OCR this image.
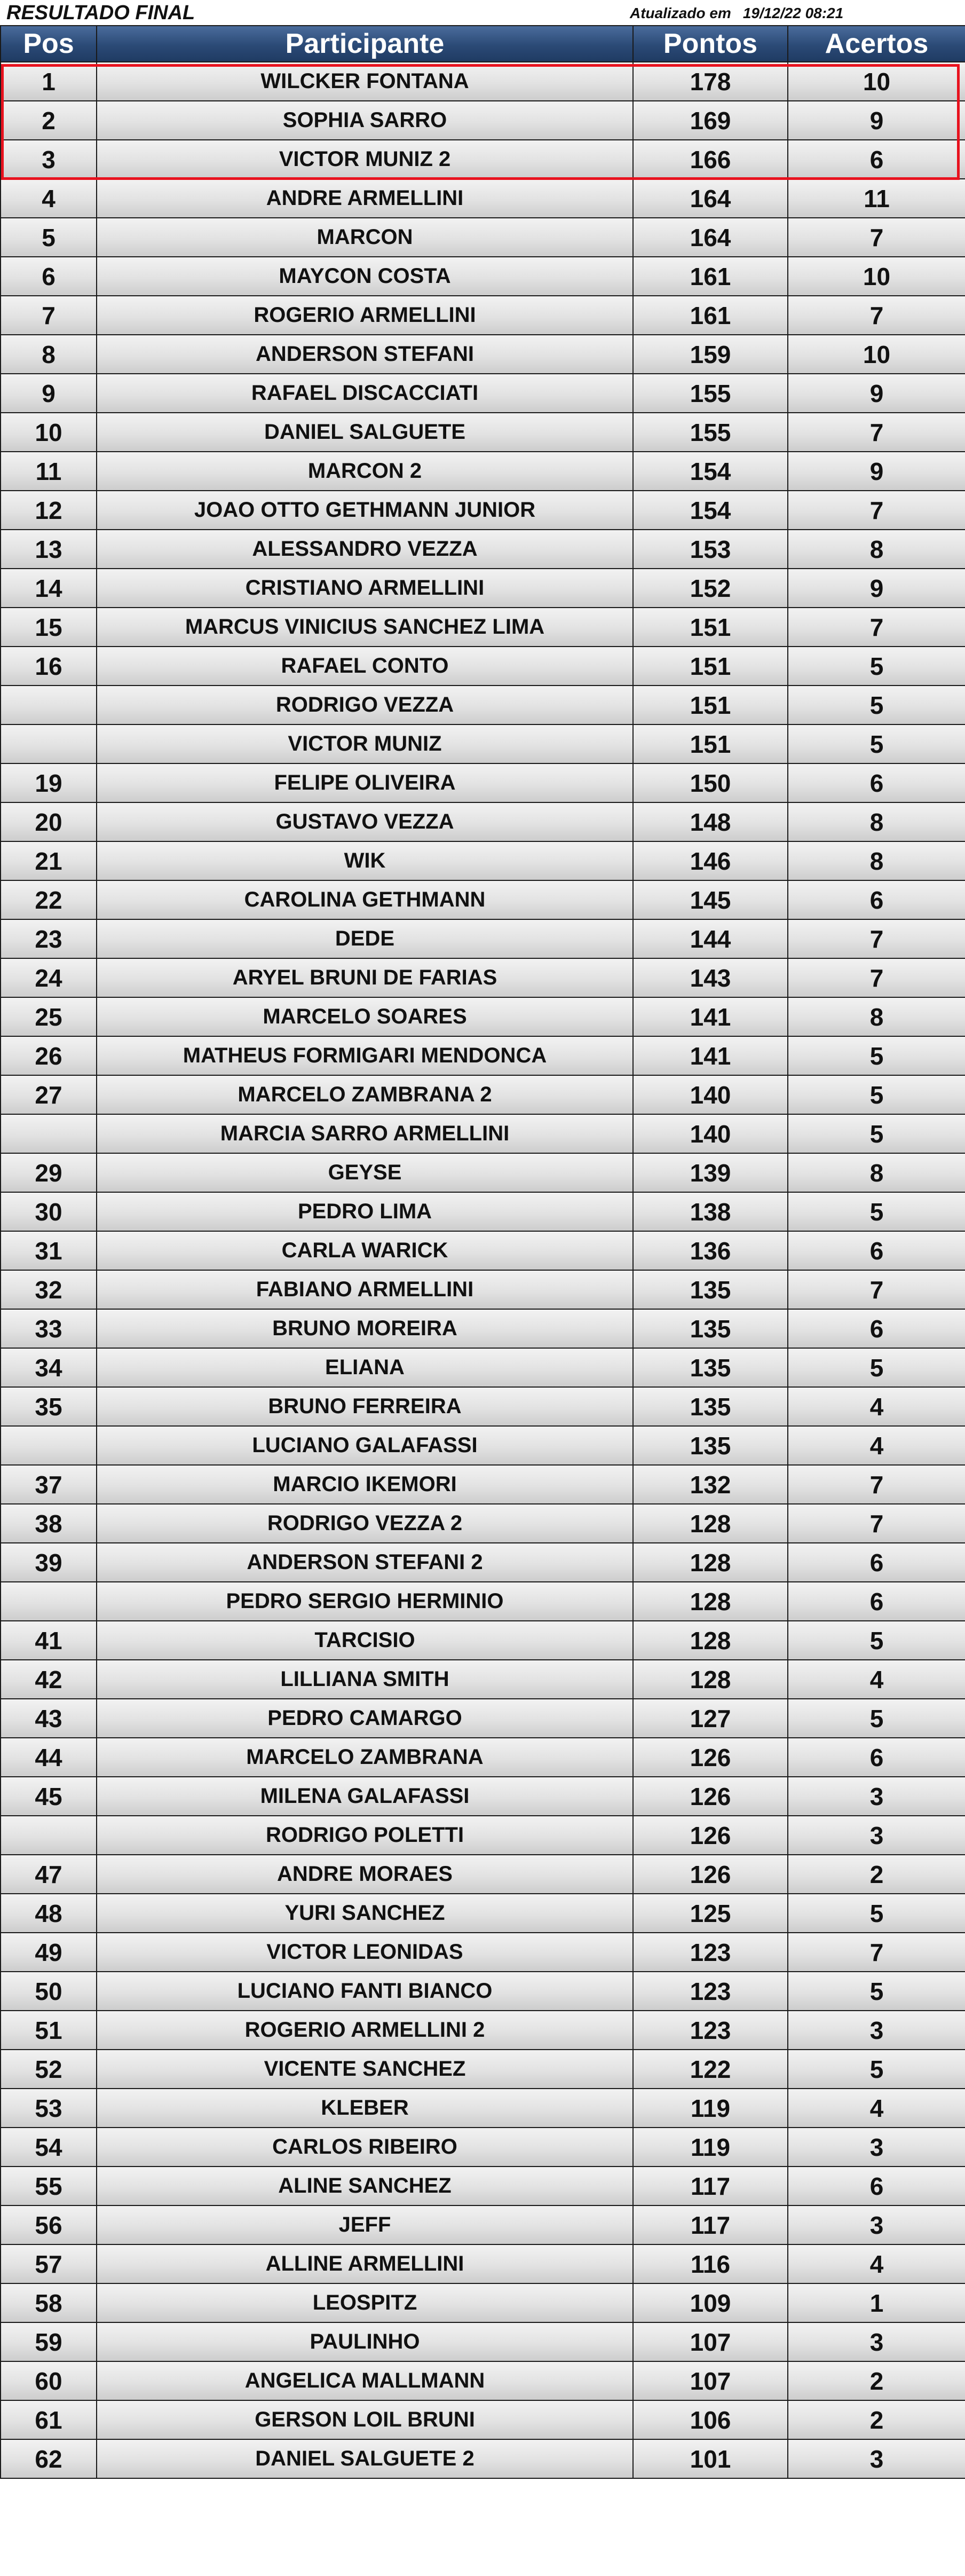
RESULTADO FINAL	Atualizado em 19/12/22 08:21
Pos	Participante	Pontos	Acertos
1	WILCKER FONTANA	178	10
2	SOPHIA SARRO	169	9
3	VICTOR MUNIZ 2	166	6
4	ANDRE ARMELLINI	164	11
5	MARCON	164	7
6	MAYCON COSTA	161	10
7	ROGERIO ARMELLINI	161	7
8	ANDERSON STEFANI	159	10
9	RAFAEL DISCACCIATI	155	9
10	DANIEL SALGUETE	155	7
11	MARCON 2	154	9
12	JOAO OTTO GETHMANN JUNIOR	154	7
13	ALESSANDRO VEZZA	153	8
14	CRISTIANO ARMELLINI	152	9
15	MARCUS VINICIUS SANCHEZ LIMA	151	7
16	RAFAEL CONTO	151	5
	RODRIGO VEZZA	151	5
	VICTOR MUNIZ	151	5
19	FELIPE OLIVEIRA	150	6
20	GUSTAVO VEZZA	148	8
21	WIK	146	8
22	CAROLINA GETHMANN	145	6
23	DEDE	144	7
24	ARYEL BRUNI DE FARIAS	143	7
25	MARCELO SOARES	141	8
26	MATHEUS FORMIGARI MENDONCA	141	5
27	MARCELO ZAMBRANA 2	140	5
	MARCIA SARRO ARMELLINI	140	5
29	GEYSE	139	8
30	PEDRO LIMA	138	5
31	CARLA WARICK	136	6
32	FABIANO ARMELLINI	135	7
33	BRUNO MOREIRA	135	6
34	ELIANA	135	5
35	BRUNO FERREIRA	135	4
	LUCIANO GALAFASSI	135	4
37	MARCIO IKEMORI	132	7
38	RODRIGO VEZZA 2	128	7
39	ANDERSON STEFANI 2	128	6
	PEDRO SERGIO HERMINIO	128	6
41	TARCISIO	128	5
42	LILLIANA SMITH	128	4
43	PEDRO CAMARGO	127	5
44	MARCELO ZAMBRANA	126	6
45	MILENA GALAFASSI	126	3
	RODRIGO POLETTI	126	3
47	ANDRE MORAES	126	2
48	YURI SANCHEZ	125	5
49	VICTOR LEONIDAS	123	7
50	LUCIANO FANTI BIANCO	123	5
51	ROGERIO ARMELLINI 2	123	3
52	VICENTE SANCHEZ	122	5
53	KLEBER	119	4
54	CARLOS RIBEIRO	119	3
55	ALINE SANCHEZ	117	6
56	JEFF	117	3
57	ALLINE ARMELLINI	116	4
58	LEOSPITZ	109	1
59	PAULINHO	107	3
60	ANGELICA MALLMANN	107	2
61	GERSON LOIL BRUNI	106	2
62	DANIEL SALGUETE 2	101	3
